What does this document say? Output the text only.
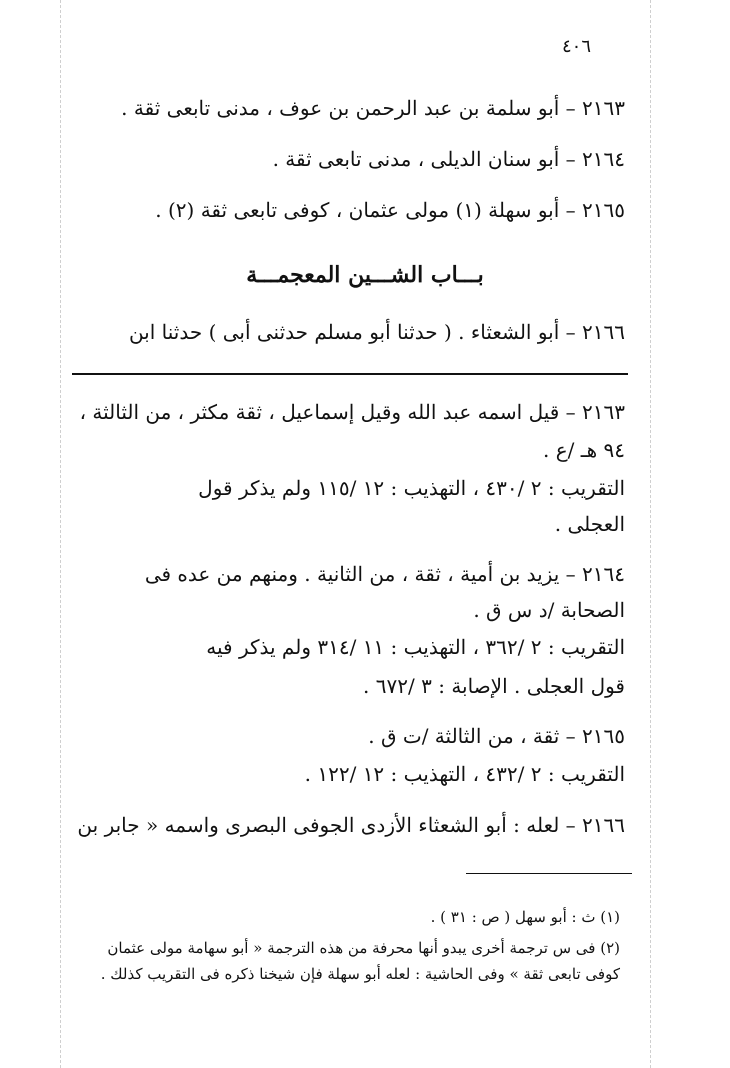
٤٠٦
٢١٦٣ – أبو سلمة بن عبد الرحمن بن عوف ، مدنى تابعى ثقة .
٢١٦٤ – أبو سنان الديلى ، مدنى تابعى ثقة .
٢١٦٥ – أبو سهلة (١) مولى عثمان ، كوفى تابعى ثقة (٢) .
بـــاب الشـــين المعجمـــة
٢١٦٦ – أبو الشعثاء . ( حدثنا أبو مسلم حدثنى أبى ) حدثنا ابن
٢١٦٣ – قيل اسمه عبد الله وقيل إسماعيل ، ثقة مكثر ، من الثالثة ،
٩٤ هـ /ع .
التقريب : ٢ /٤٣٠ ، التهذيب : ١٢ /١١٥ ولم يذكر قول
العجلى .
٢١٦٤ – يزيد بن أمية ، ثقة ، من الثانية . ومنهم من عده فى
الصحابة /د س ق .
التقريب : ٢ /٣٦٢ ، التهذيب : ١١ /٣١٤ ولم يذكر فيه
قول العجلى . الإصابة : ٣ /٦٧٢ .
٢١٦٥ – ثقة ، من الثالثة /ت ق .
التقريب : ٢ /٤٣٢ ، التهذيب : ١٢ /١٢٢ .
٢١٦٦ – لعله : أبو الشعثاء الأزدى الجوفى البصرى واسمه « جابر بن
(١) ث : أبو سهل ( ص : ٣١ ) .
(٢) فى س ترجمة أخرى يبدو أنها محرفة من هذه الترجمة « أبو سهامة مولى عثمان
كوفى تابعى ثقة » وفى الحاشية : لعله أبو سهلة فإن شيخنا ذكره فى التقريب كذلك .
